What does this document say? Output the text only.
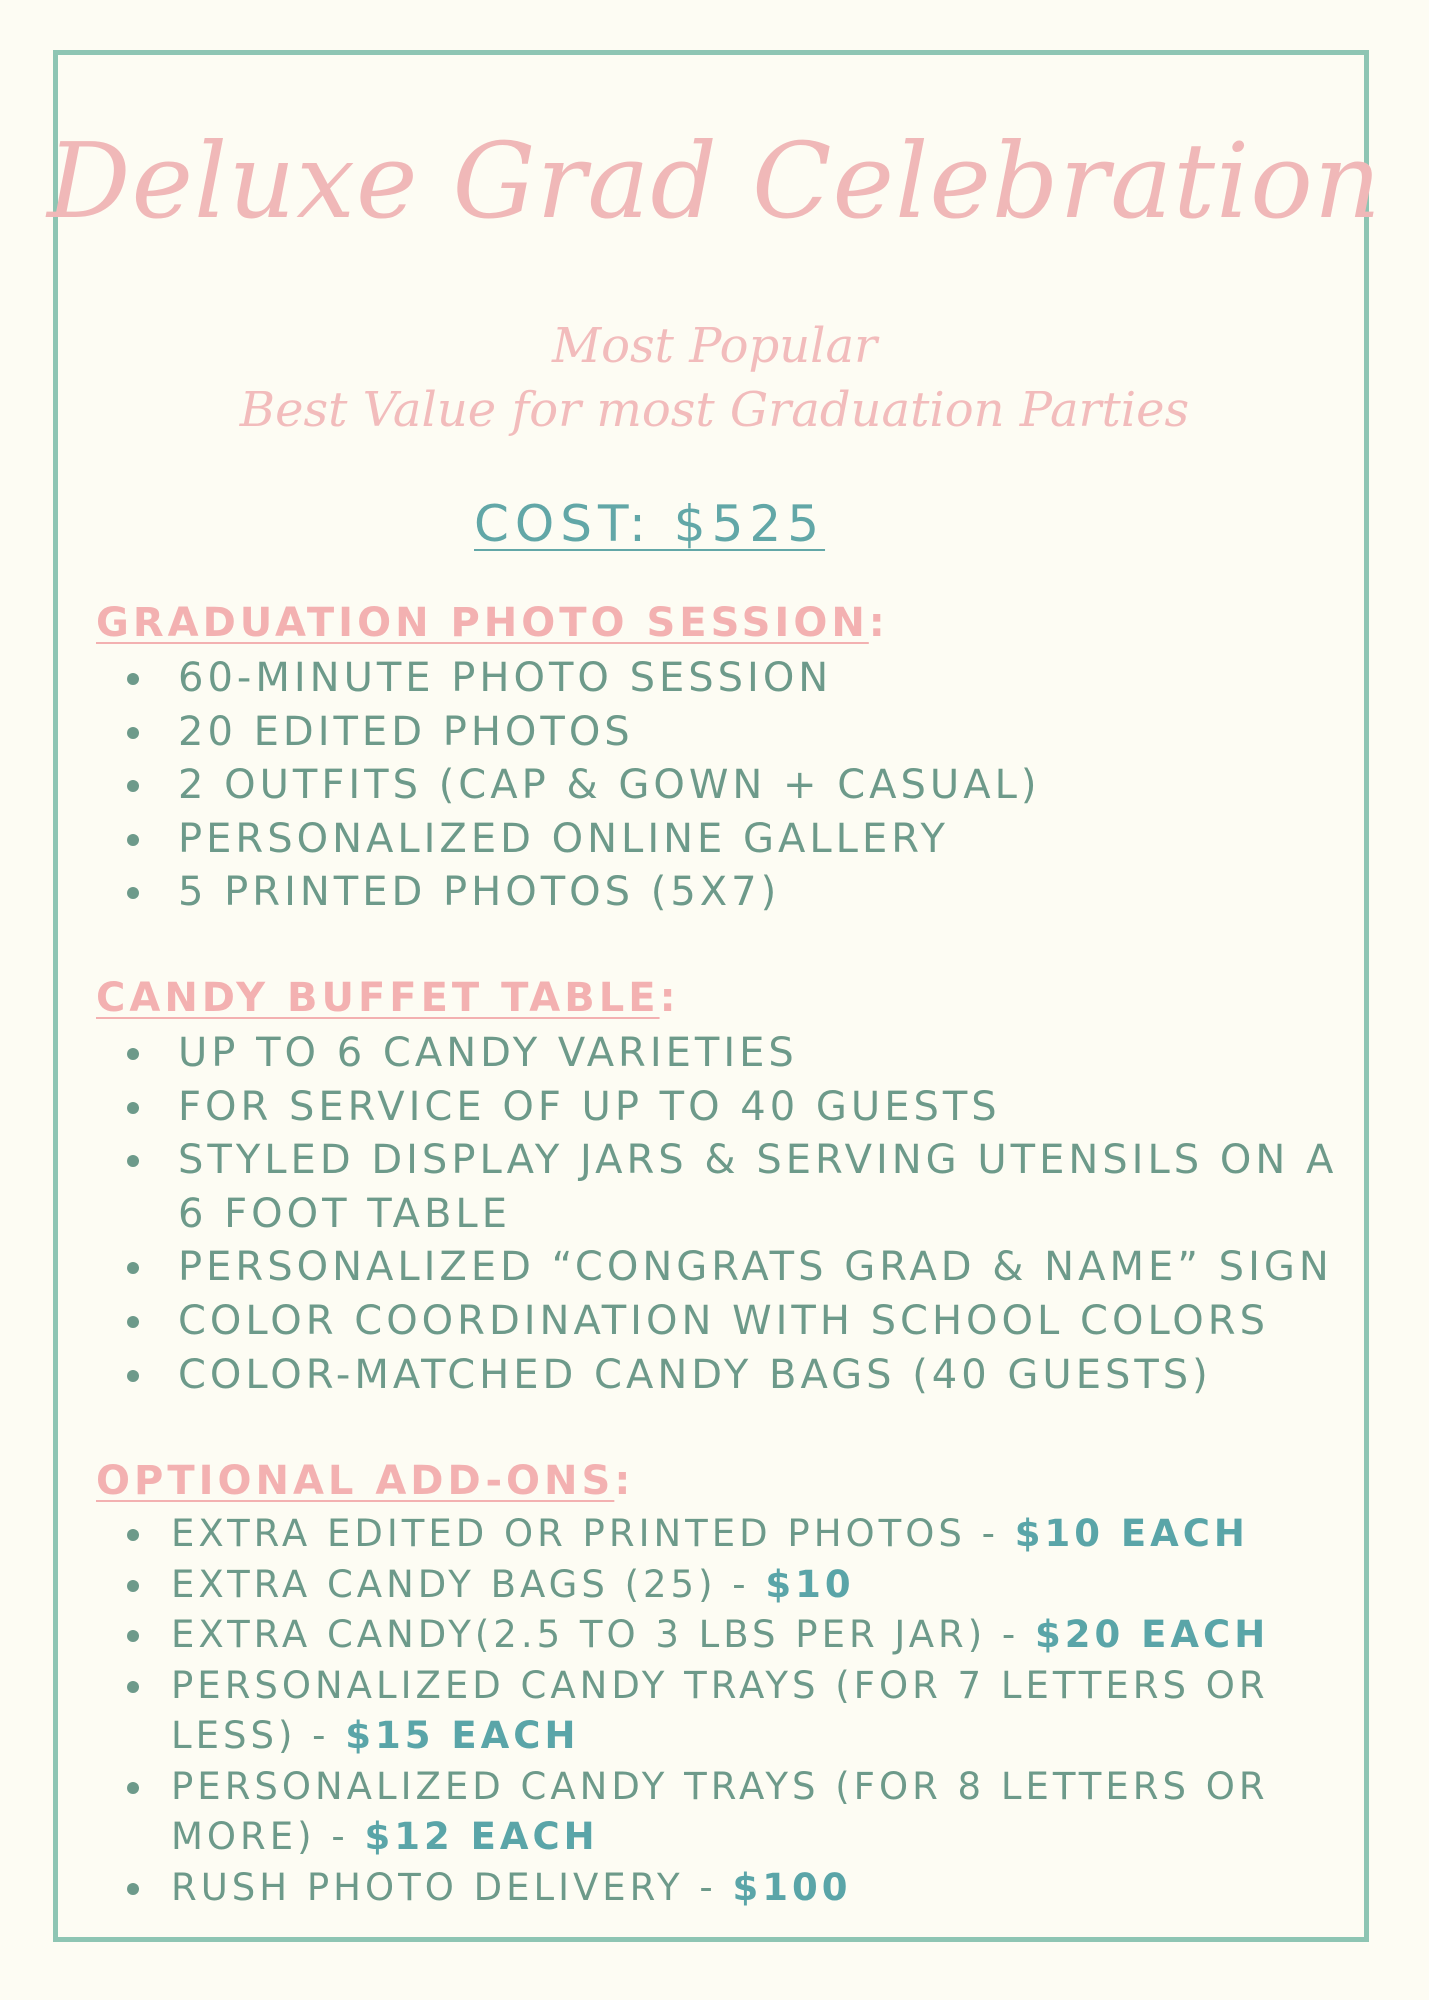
Deluxe Grad Celebration
Most Popular
Best Value for most Graduation Parties
COST: $525
GRADUATION PHOTO SESSION:
60-MINUTE PHOTO SESSION
20 EDITED PHOTOS
2 OUTFITS (CAP & GOWN + CASUAL)
PERSONALIZED ONLINE GALLERY
5 PRINTED PHOTOS (5X7)
CANDY BUFFET TABLE:
UP TO 6 CANDY VARIETIES
FOR SERVICE OF UP TO 40 GUESTS
STYLED DISPLAY JARS & SERVING UTENSILS ON A
6 FOOT TABLE
PERSONALIZED “CONGRATS GRAD & NAME” SIGN
COLOR COORDINATION WITH SCHOOL COLORS
COLOR-MATCHED CANDY BAGS (40 GUESTS)
OPTIONAL ADD-ONS:
EXTRA EDITED OR PRINTED PHOTOS - $10 EACH
EXTRA CANDY BAGS (25) - $10
EXTRA CANDY(2.5 TO 3 LBS PER JAR) - $20 EACH
PERSONALIZED CANDY TRAYS (FOR 7 LETTERS OR
LESS) - $15 EACH
PERSONALIZED CANDY TRAYS (FOR 8 LETTERS OR
MORE) - $12 EACH
RUSH PHOTO DELIVERY - $100
